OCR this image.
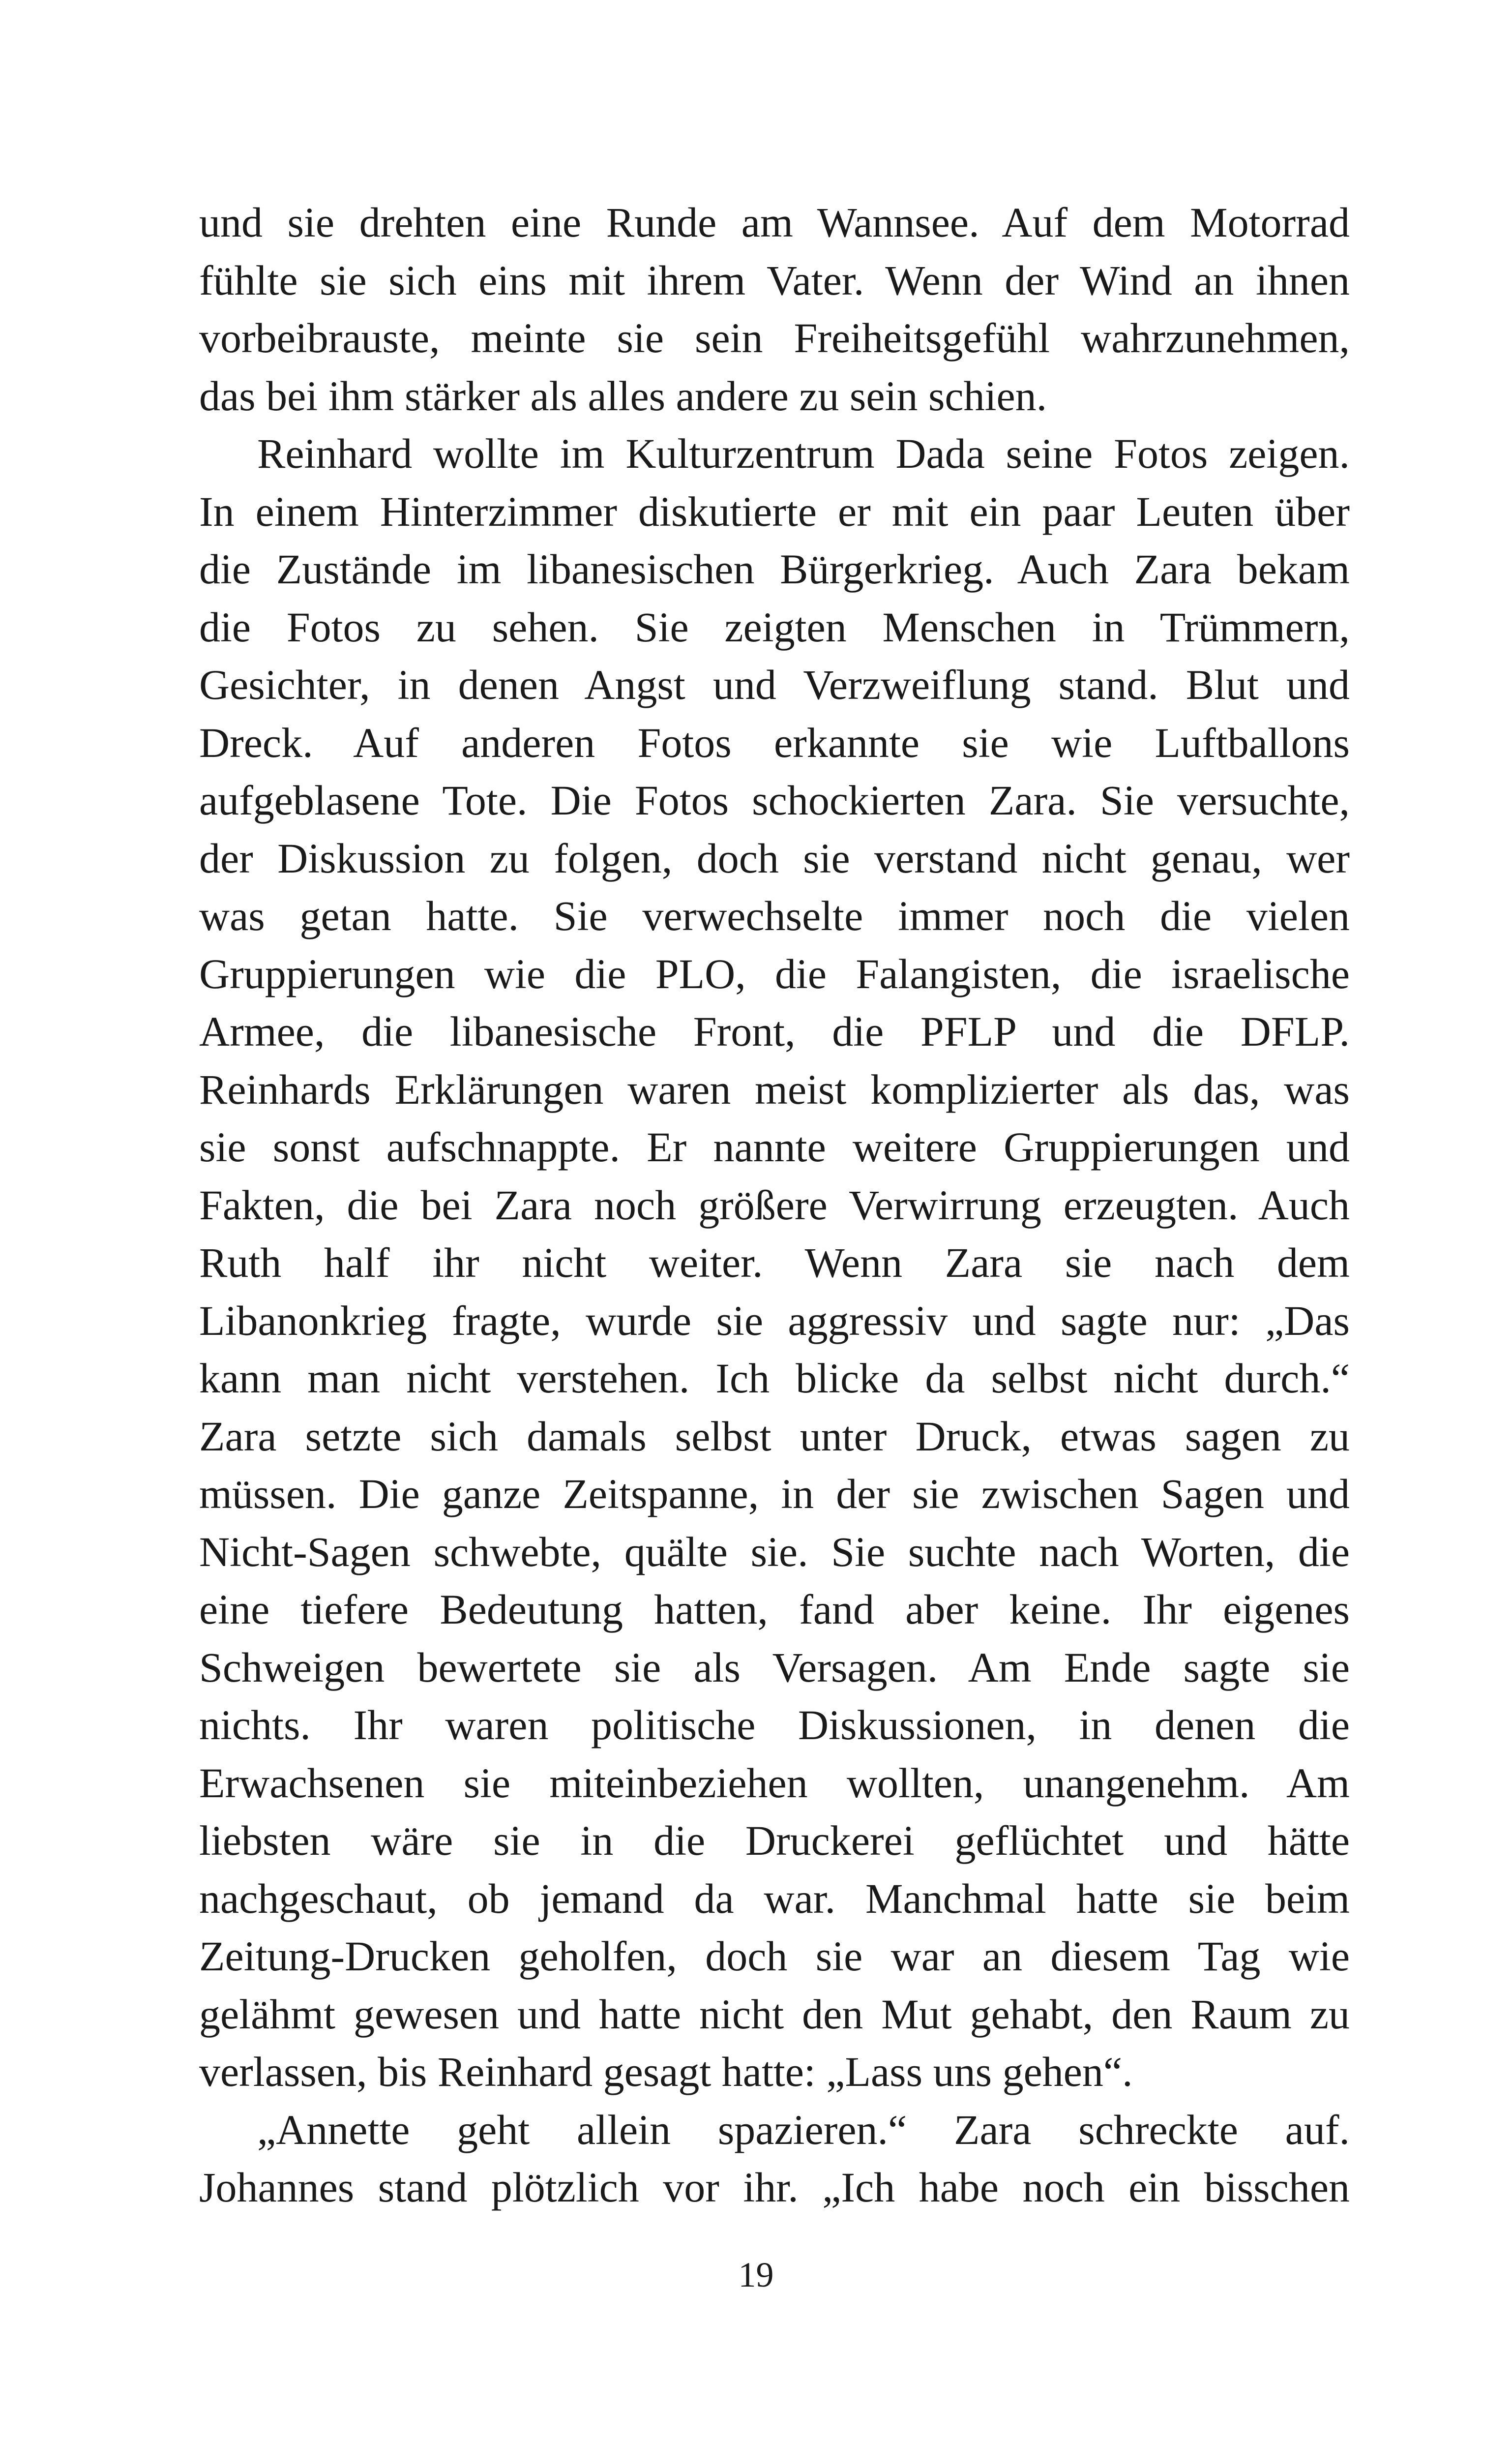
und sie drehten eine Runde am Wannsee. Auf dem Motorrad
fühlte sie sich eins mit ihrem Vater. Wenn der Wind an ihnen
vorbeibrauste, meinte sie sein Freiheitsgefühl wahrzunehmen,
das bei ihm stärker als alles andere zu sein schien.
Reinhard wollte im Kulturzentrum Dada seine Fotos zeigen.
In einem Hinterzimmer diskutierte er mit ein paar Leuten über
die Zustände im libanesischen Bürgerkrieg. Auch Zara bekam
die Fotos zu sehen. Sie zeigten Menschen in Trümmern,
Gesichter, in denen Angst und Verzweiflung stand. Blut und
Dreck. Auf anderen Fotos erkannte sie wie Luftballons
aufgeblasene Tote. Die Fotos schockierten Zara. Sie versuchte,
der Diskussion zu folgen, doch sie verstand nicht genau, wer
was getan hatte. Sie verwechselte immer noch die vielen
Gruppierungen wie die PLO, die Falangisten, die israelische
Armee, die libanesische Front, die PFLP und die DFLP.
Reinhards Erklärungen waren meist komplizierter als das, was
sie sonst aufschnappte. Er nannte weitere Gruppierungen und
Fakten, die bei Zara noch größere Verwirrung erzeugten. Auch
Ruth half ihr nicht weiter. Wenn Zara sie nach dem
Libanonkrieg fragte, wurde sie aggressiv und sagte nur: „Das
kann man nicht verstehen. Ich blicke da selbst nicht durch.“
Zara setzte sich damals selbst unter Druck, etwas sagen zu
müssen. Die ganze Zeitspanne, in der sie zwischen Sagen und
Nicht-Sagen schwebte, quälte sie. Sie suchte nach Worten, die
eine tiefere Bedeutung hatten, fand aber keine. Ihr eigenes
Schweigen bewertete sie als Versagen. Am Ende sagte sie
nichts. Ihr waren politische Diskussionen, in denen die
Erwachsenen sie miteinbeziehen wollten, unangenehm. Am
liebsten wäre sie in die Druckerei geflüchtet und hätte
nachgeschaut, ob jemand da war. Manchmal hatte sie beim
Zeitung-Drucken geholfen, doch sie war an diesem Tag wie
gelähmt gewesen und hatte nicht den Mut gehabt, den Raum zu
verlassen, bis Reinhard gesagt hatte: „Lass uns gehen“.
„Annette geht allein spazieren.“ Zara schreckte auf.
Johannes stand plötzlich vor ihr. „Ich habe noch ein bisschen
19
